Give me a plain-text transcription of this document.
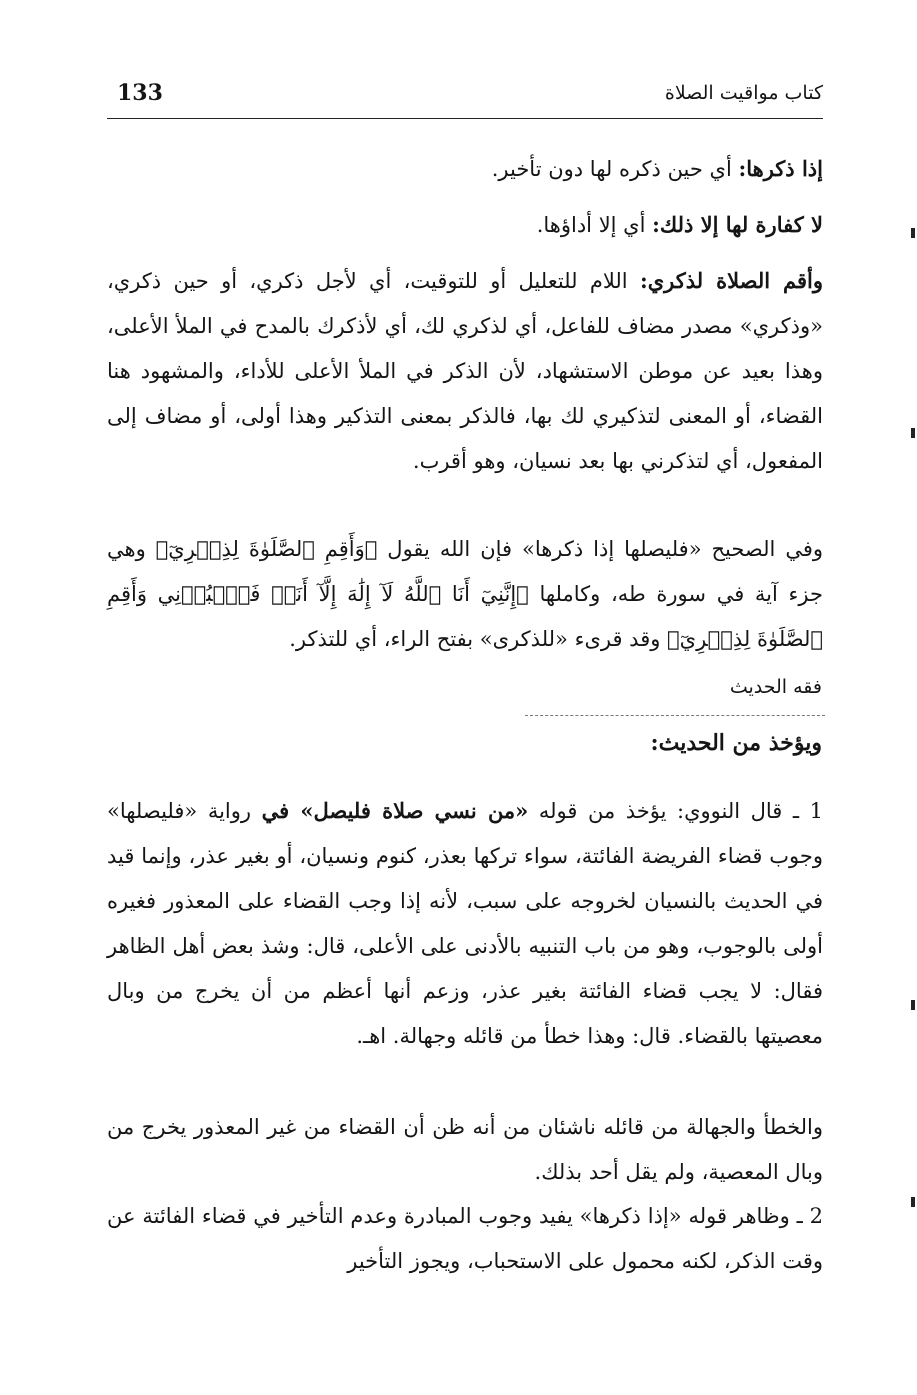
133	كتاب مواقيت الصلاة
إذا ذكرها: أي حين ذكره لها دون تأخير.
لا كفارة لها إلا ذلك: أي إلا أداؤها.
وأقم الصلاة لذكري: اللام للتعليل أو للتوقيت، أي لأجل ذكري، أو حين ذكري، «وذكري» مصدر مضاف للفاعل، أي لذكري لك، أي لأذكرك بالمدح في الملأ الأعلى، وهذا بعيد عن موطن الاستشهاد، لأن الذكر في الملأ الأعلى للأداء، والمشهود هنا القضاء، أو المعنى لتذكيري لك بها، فالذكر بمعنى التذكير وهذا أولى، أو مضاف إلى المفعول، أي لتذكرني بها بعد نسيان، وهو أقرب.
وفي الصحيح «فليصلها إذا ذكرها» فإن الله يقول ﴿وَأَقِمِ ٱلصَّلَوٰةَ لِذِكۡرِيٓ﴾ وهي جزء آية في سورة طه، وكاملها ﴿إِنَّنِيٓ أَنَا ٱللَّهُ لَآ إِلَٰهَ إِلَّآ أَنَا۠ فَٱعۡبُدۡنِي وَأَقِمِ ٱلصَّلَوٰةَ لِذِكۡرِيٓ﴾ وقد قرىء «للذكرى» بفتح الراء، أي للتذكر.
فقه الحديث
ويؤخذ من الحديث:
1 ـ قال النووي: يؤخذ من قوله «من نسي صلاة فليصل» في رواية «فليصلها» وجوب قضاء الفريضة الفائتة، سواء تركها بعذر، كنوم ونسيان، أو بغير عذر، وإنما قيد في الحديث بالنسيان لخروجه على سبب، لأنه إذا وجب القضاء على المعذور فغيره أولى بالوجوب، وهو من باب التنبيه بالأدنى على الأعلى، قال: وشذ بعض أهل الظاهر فقال: لا يجب قضاء الفائتة بغير عذر، وزعم أنها أعظم من أن يخرج من وبال معصيتها بالقضاء. قال: وهذا خطأ من قائله وجهالة. اهـ.
والخطأ والجهالة من قائله ناشئان من أنه ظن أن القضاء من غير المعذور يخرج من وبال المعصية، ولم يقل أحد بذلك.
2 ـ وظاهر قوله «إذا ذكرها» يفيد وجوب المبادرة وعدم التأخير في قضاء الفائتة عن وقت الذكر، لكنه محمول على الاستحباب، ويجوز التأخير
